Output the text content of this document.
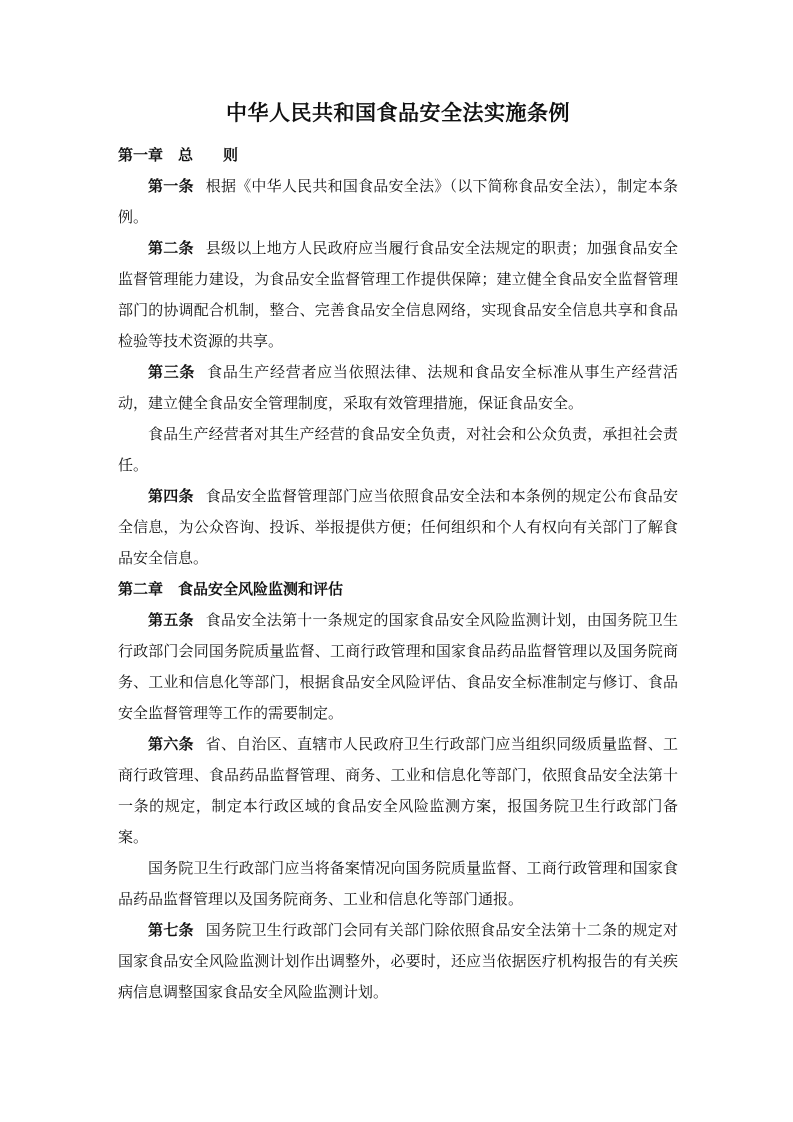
中华人民共和国食品安全法实施条例
第一章　总　　则

第一条 根据《中华人民共和国食品安全法》（以下简称食品安全法），制定本条例。

第二条 县级以上地方人民政府应当履行食品安全法规定的职责；加强食品安全监督管理能力建设，为食品安全监督管理工作提供保障；建立健全食品安全监督管理部门的协调配合机制，整合、完善食品安全信息网络，实现食品安全信息共享和食品检验等技术资源的共享。

第三条 食品生产经营者应当依照法律、法规和食品安全标准从事生产经营活动，建立健全食品安全管理制度，采取有效管理措施，保证食品安全。

食品生产经营者对其生产经营的食品安全负责，对社会和公众负责，承担社会责任。

第四条 食品安全监督管理部门应当依照食品安全法和本条例的规定公布食品安全信息，为公众咨询、投诉、举报提供方便；任何组织和个人有权向有关部门了解食品安全信息。

第二章　食品安全风险监测和评估

第五条 食品安全法第十一条规定的国家食品安全风险监测计划，由国务院卫生行政部门会同国务院质量监督、工商行政管理和国家食品药品监督管理以及国务院商务、工业和信息化等部门，根据食品安全风险评估、食品安全标准制定与修订、食品安全监督管理等工作的需要制定。

第六条 省、自治区、直辖市人民政府卫生行政部门应当组织同级质量监督、工商行政管理、食品药品监督管理、商务、工业和信息化等部门，依照食品安全法第十一条的规定，制定本行政区域的食品安全风险监测方案，报国务院卫生行政部门备案。

国务院卫生行政部门应当将备案情况向国务院质量监督、工商行政管理和国家食品药品监督管理以及国务院商务、工业和信息化等部门通报。

第七条 国务院卫生行政部门会同有关部门除依照食品安全法第十二条的规定对国家食品安全风险监测计划作出调整外，必要时，还应当依据医疗机构报告的有关疾病信息调整国家食品安全风险监测计划。
